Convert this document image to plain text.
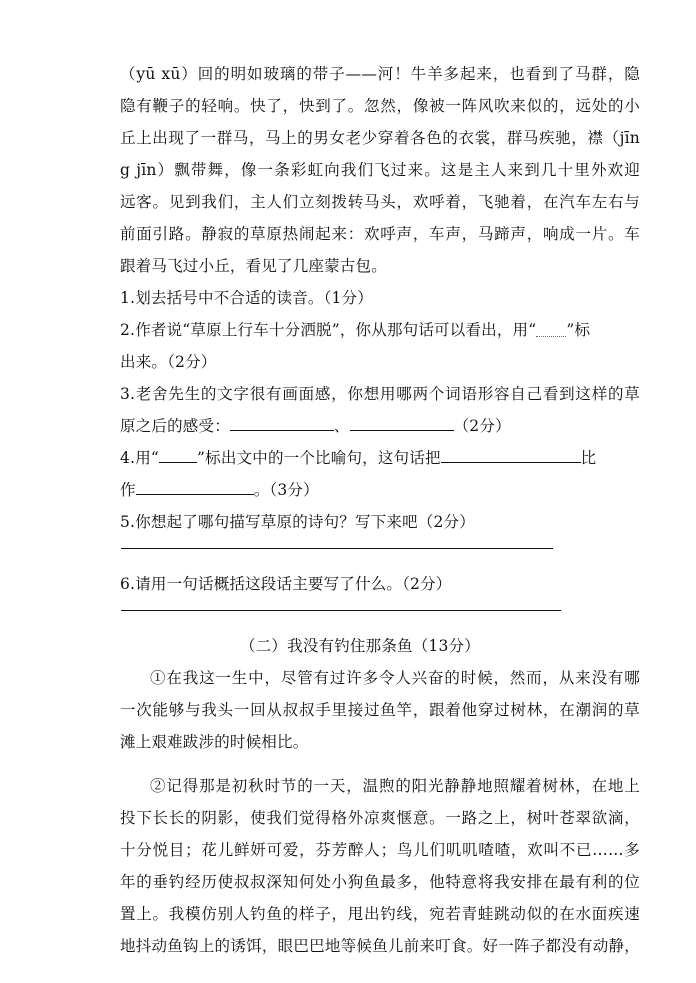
（yū xū）回的明如玻璃的带子——河！牛羊多起来，也看到了马群，隐
隐有鞭子的轻响。快了，快到了。忽然，像被一阵风吹来似的，远处的小
丘上出现了一群马，马上的男女老少穿着各色的衣裳，群马疾驰，襟（jīn
g jīn）飘带舞，像一条彩虹向我们飞过来。这是主人来到几十里外欢迎
远客。见到我们，主人们立刻拨转马头，欢呼着，飞驰着，在汽车左右与
前面引路。静寂的草原热闹起来：欢呼声，车声，马蹄声，响成一片。车
跟着马飞过小丘，看见了几座蒙古包。
1.划去括号中不合适的读音。（1分）
2.作者说“草原上行车十分洒脱”，你从那句话可以看出，用“ ”标
出来。（2分）
3.老舍先生的文字很有画面感，你想用哪两个词语形容自己看到这样的草
原之后的感受：	、	（2分）
4.用“ ”标出文中的一个比喻句，这句话把	比
作	。（3分）
5.你想起了哪句描写草原的诗句？写下来吧（2分）
6.请用一句话概括这段话主要写了什么。（2分）
（二）我没有钓住那条鱼（13分）
①在我这一生中，尽管有过许多令人兴奋的时候，然而，从来没有哪
一次能够与我头一回从叔叔手里接过鱼竿，跟着他穿过树林，在潮润的草
滩上艰难跋涉的时候相比。
②记得那是初秋时节的一天，温煦的阳光静静地照耀着树林，在地上
投下长长的阴影，使我们觉得格外凉爽惬意。一路之上，树叶苍翠欲滴，
十分悦目；花儿鲜妍可爱，芬芳醉人；鸟儿们叽叽喳喳，欢叫不已……多
年的垂钓经历使叔叔深知何处小狗鱼最多，他特意将我安排在最有利的位
置上。我模仿别人钓鱼的样子，甩出钓线，宛若青蛙跳动似的在水面疾速
地抖动鱼钩上的诱饵，眼巴巴地等候鱼儿前来叮食。好一阵子都没有动静，
